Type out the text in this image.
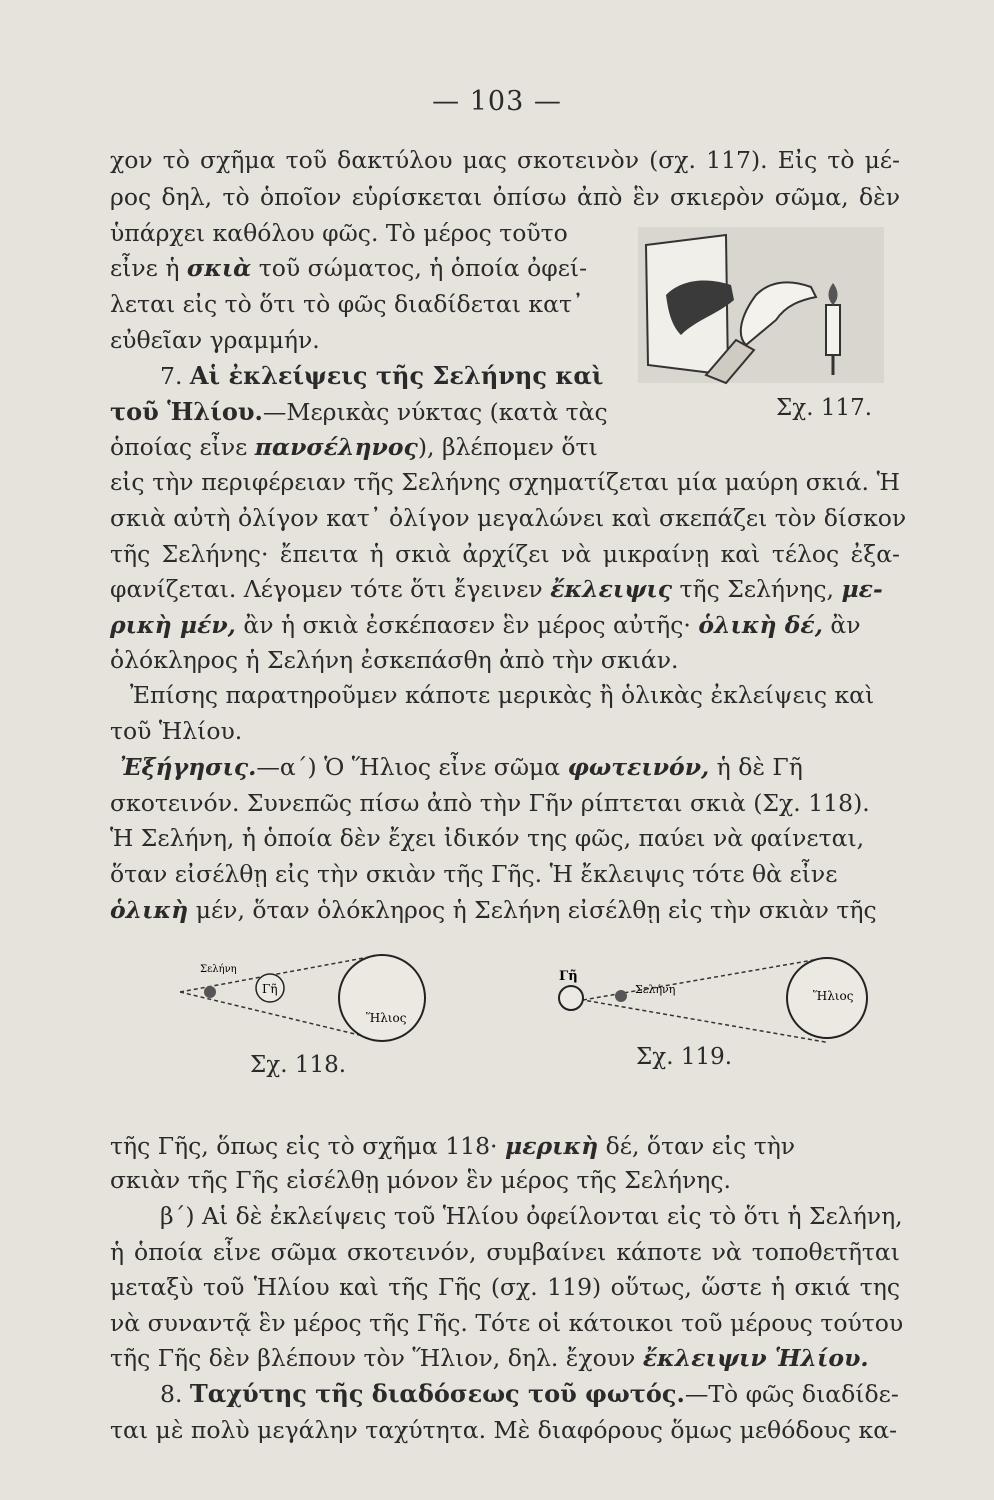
— 103 —
χον τὸ σχῆμα τοῦ δακτύλου μας σκοτεινὸν (σχ. 117). Εἰς τὸ μέ-
ρος δηλ, τὸ ὁποῖον εὑρίσκεται ὀπίσω ἀπὸ ἓν σκιερὸν σῶμα, δὲν
ὑπάρχει καθόλου φῶς. Τὸ μέρος τοῦτο
εἶνε ἡ σκιὰ τοῦ σώματος, ἡ ὁποία ὀφεί-
λεται εἰς τὸ ὅτι τὸ φῶς διαδίδεται κατ᾽
εὐθεῖαν γραμμήν.
Σχ. 117.
7. Αἱ ἐκλείψεις τῆς Σελήνης καὶ
τοῦ Ἡλίου.—Μερικὰς νύκτας (κατὰ τὰς
ὁποίας εἶνε πανσέληνος), βλέπομεν ὅτι
εἰς τὴν περιφέρειαν τῆς Σελήνης σχηματίζεται μία μαύρη σκιά. Ἡ
σκιὰ αὐτὴ ὀλίγον κατ᾽ ὀλίγον μεγαλώνει καὶ σκεπάζει τὸν δίσκον
τῆς Σελήνης· ἔπειτα ἡ σκιὰ ἀρχίζει νὰ μικραίνῃ καὶ τέλος ἐξα-
φανίζεται. Λέγομεν τότε ὅτι ἔγεινεν ἔκλειψις τῆς Σελήνης, με-
ρικὴ μέν, ἂν ἡ σκιὰ ἐσκέπασεν ἓν μέρος αὐτῆς· ὁλικὴ δέ, ἂν
ὁλόκληρος ἡ Σελήνη ἐσκεπάσθη ἀπὸ τὴν σκιάν.
Ἐπίσης παρατηροῦμεν κάποτε μερικὰς ἢ ὁλικὰς ἐκλείψεις καὶ
τοῦ Ἡλίου.
Ἐξήγησις.—α΄) Ὁ Ἥλιος εἶνε σῶμα φωτεινόν, ἡ δὲ Γῆ
σκοτεινόν. Συνεπῶς πίσω ἀπὸ τὴν Γῆν ρίπτεται σκιὰ (Σχ. 118).
Ἡ Σελήνη, ἡ ὁποία δὲν ἔχει ἰδικόν της φῶς, παύει νὰ φαίνεται,
ὅταν εἰσέλθῃ εἰς τὴν σκιὰν τῆς Γῆς. Ἡ ἔκλειψις τότε θὰ εἶνε
ὁλικὴ μέν, ὅταν ὁλόκληρος ἡ Σελήνη εἰσέλθῃ εἰς τὴν σκιὰν τῆς
Γῆ
Ἥλιος
Σελήνη
Σχ. 118.
Γῆ
Σελήνη	Ἥλιος
Σχ. 119.
τῆς Γῆς, ὅπως εἰς τὸ σχῆμα 118· μερικὴ δέ, ὅταν εἰς τὴν
σκιὰν τῆς Γῆς εἰσέλθῃ μόνον ἓν μέρος τῆς Σελήνης.
β΄) Αἱ δὲ ἐκλείψεις τοῦ Ἡλίου ὀφείλονται εἰς τὸ ὅτι ἡ Σελήνη,
ἡ ὁποία εἶνε σῶμα σκοτεινόν, συμβαίνει κάποτε νὰ τοποθετῆται
μεταξὺ τοῦ Ἡλίου καὶ τῆς Γῆς (σχ. 119) οὕτως, ὥστε ἡ σκιά της
νὰ συναντᾷ ἓν μέρος τῆς Γῆς. Τότε οἱ κάτοικοι τοῦ μέρους τούτου
τῆς Γῆς δὲν βλέπουν τὸν Ἥλιον, δηλ. ἔχουν ἔκλειψιν Ἡλίου.
8. Ταχύτης τῆς διαδόσεως τοῦ φωτός.—Τὸ φῶς διαδίδε-
ται μὲ πολὺ μεγάλην ταχύτητα. Μὲ διαφόρους ὅμως μεθόδους κα-
